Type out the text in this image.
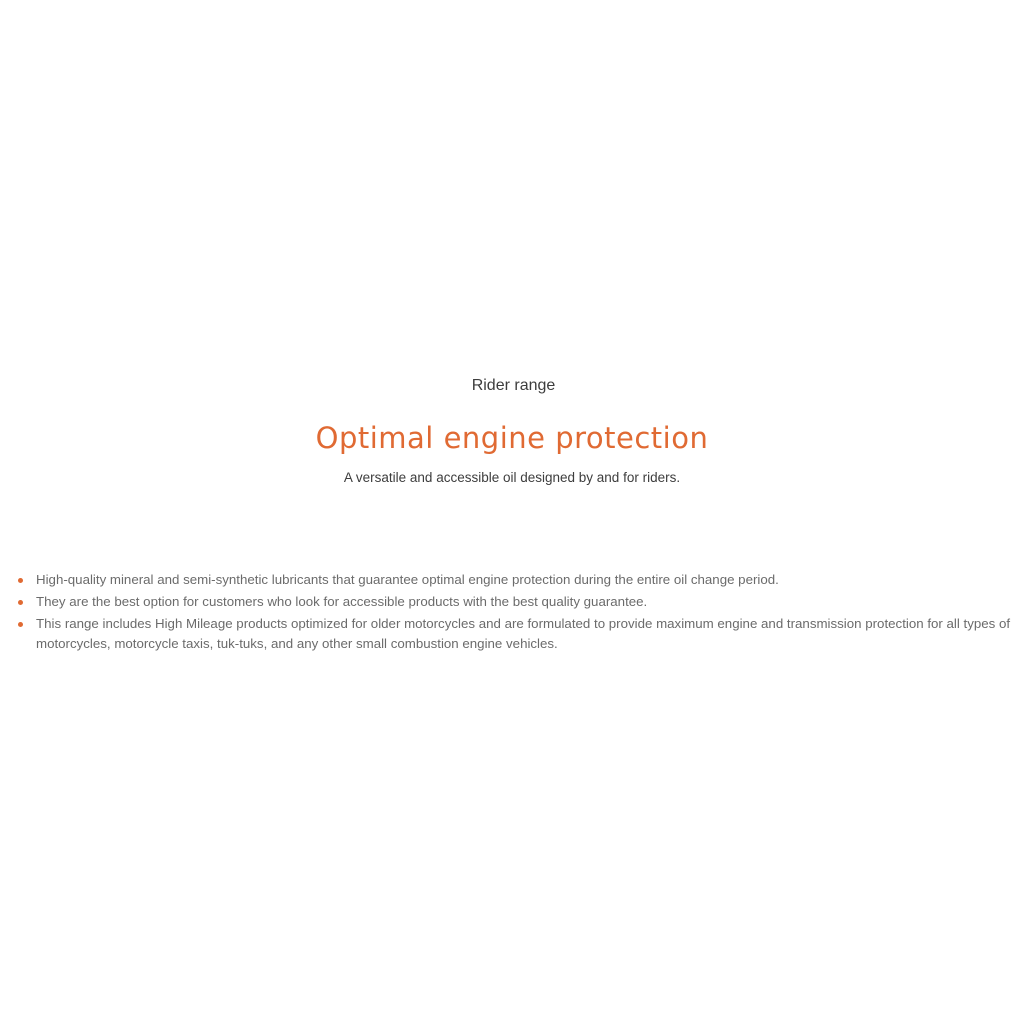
Rider range

Optimal engine protection

A versatile and accessible oil designed by and for riders.

High-quality mineral and semi-synthetic lubricants that guarantee optimal engine protection during the entire oil change period.
They are the best option for customers who look for accessible products with the best quality guarantee.
This range includes High Mileage products optimized for older motorcycles and are formulated to provide maximum engine and transmission protection for all types of motorcycles, motorcycle taxis, tuk-tuks, and any other small combustion engine vehicles.
